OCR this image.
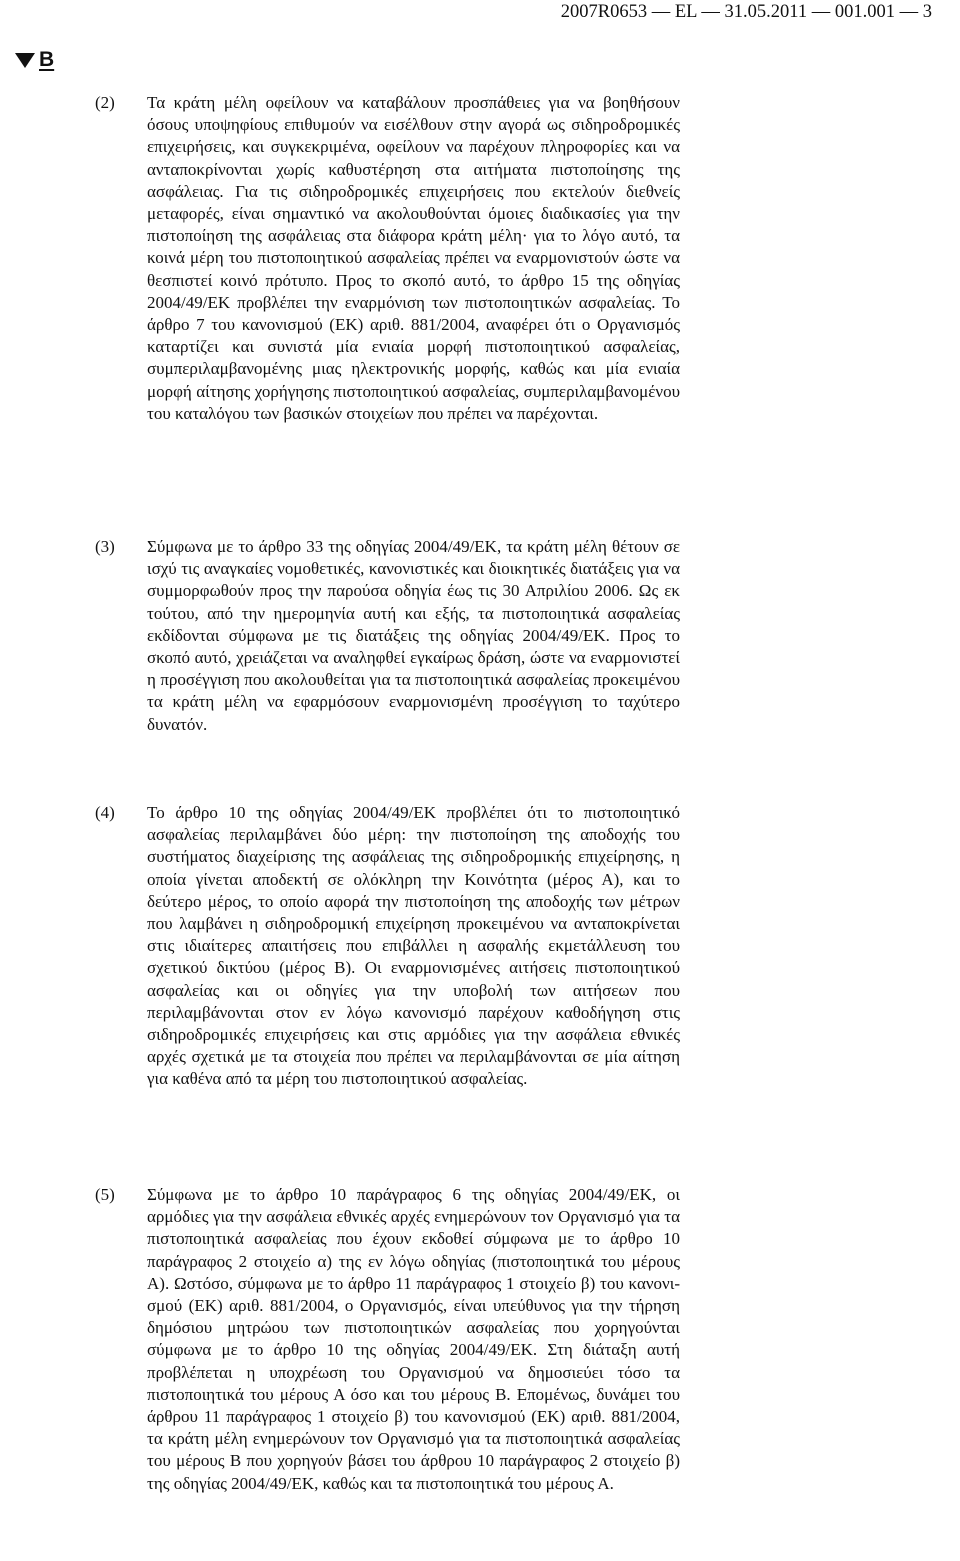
2007R0653 — EL — 31.05.2011 — 001.001 — 3
B
(2) Τα κράτη μέλη οφείλουν να καταβάλουν προσπάθειες για να βοηθήσουν όσους υποψηφίους επιθυμούν να εισέλθουν στην αγορά ως σιδηροδρομικές επιχειρήσεις, και συγκεκριμένα, οφείλουν να παρέχουν πληροφορίες και να ανταποκρίνονται χωρίς καθυστέρηση στα αιτήματα πιστοποίησης της ασφάλειας. Για τις σιδηροδρομικές επιχειρήσεις που εκτελούν διεθνείς μεταφορές, είναι σημαντικό να ακολουθούνται όμοιες διαδικασίες για την πιστοποίηση της ασφάλειας στα διάφορα κράτη μέλη· για το λόγο αυτό, τα κοινά μέρη του πιστοποιητικού ασφαλείας πρέπει να εναρμονιστούν ώστε να θεσπιστεί κοινό πρότυπο. Προς το σκοπό αυτό, το άρθρο 15 της οδηγίας 2004/49/ΕΚ προβλέπει την εναρμόνιση των πιστοποιητικών ασφαλείας. Το άρθρο 7 του κανονισμού (ΕΚ) αριθ. 881/2004, αναφέρει ότι ο Οργανισμός καταρτίζει και συνιστά μία ενιαία μορφή πιστοποιητικού ασφαλείας, συμπεριλαμβανομένης μιας ηλεκτρονικής μορφής, καθώς και μία ενιαία μορφή αίτησης χορήγησης πιστοποιητικού ασφαλείας, συμπεριλαμβανομένου του καταλόγου των βασικών στοιχείων που πρέπει να παρέχονται.

(3) Σύμφωνα με το άρθρο 33 της οδηγίας 2004/49/ΕΚ, τα κράτη μέλη θέτουν σε ισχύ τις αναγκαίες νομοθετικές, κανονιστικές και διοικητικές διατάξεις για να συμμορφωθούν προς την παρούσα οδηγία έως τις 30 Απριλίου 2006. Ως εκ τούτου, από την ημερομηνία αυτή και εξής, τα πιστοποιητικά ασφαλείας εκδίδονται σύμφωνα με τις διατάξεις της οδηγίας 2004/49/ΕΚ. Προς το σκοπό αυτό, χρειάζεται να αναληφθεί εγκαίρως δράση, ώστε να εναρμονιστεί η προσέγγιση που ακολουθείται για τα πιστοποιητικά ασφαλείας προκειμένου τα κράτη μέλη να εφαρμόσουν εναρμονισμένη προσέγγιση το ταχύτερο δυνατόν.

(4) Το άρθρο 10 της οδηγίας 2004/49/ΕΚ προβλέπει ότι το πιστοποιητικό ασφαλείας περιλαμβάνει δύο μέρη: την πιστοποίηση της αποδοχής του συστήματος διαχείρισης της ασφάλειας της σιδηροδρομικής επιχείρησης, η οποία γίνεται αποδεκτή σε ολόκληρη την Κοινότητα (μέρος Α), και το δεύτερο μέρος, το οποίο αφορά την πιστοποίηση της αποδοχής των μέτρων που λαμβάνει η σιδηροδρομική επιχείρηση προκειμένου να ανταποκρίνεται στις ιδιαίτερες απαιτήσεις που επιβάλλει η ασφαλής εκμετάλλευση του σχετικού δικτύου (μέρος Β). Οι εναρμονισμένες αιτήσεις πιστοποιητικού ασφαλείας και οι οδηγίες για την υποβολή των αιτήσεων που περιλαμβάνονται στον εν λόγω κανονισμό παρέχουν καθοδήγηση στις σιδηροδρομικές επιχειρήσεις και στις αρμόδιες για την ασφάλεια εθνικές αρχές σχετικά με τα στοιχεία που πρέπει να περιλαμβάνονται σε μία αίτηση για καθένα από τα μέρη του πιστοποιητικού ασφαλείας.

(5) Σύμφωνα με το άρθρο 10 παράγραφος 6 της οδηγίας 2004/49/ΕΚ, οι αρμόδιες για την ασφάλεια εθνικές αρχές ενημερώνουν τον Οργανισμό για τα πιστοποιητικά ασφαλείας που έχουν εκδοθεί σύμφωνα με το άρθρο 10 παράγραφος 2 στοιχείο α) της εν λόγω οδηγίας (πιστοποιητικά του μέρους Α). Ωστόσο, σύμφωνα με το άρθρο 11 παράγραφος 1 στοιχείο β) του κανονισμού (ΕΚ) αριθ. 881/2004, ο Οργανισμός, είναι υπεύθυνος για την τήρηση δημόσιου μητρώου των πιστοποιητικών ασφαλείας που χορηγούνται σύμφωνα με το άρθρο 10 της οδηγίας 2004/49/ΕΚ. Στη διάταξη αυτή προβλέπεται η υποχρέωση του Οργανισμού να δημοσιεύει τόσο τα πιστοποιητικά του μέρους Α όσο και του μέρους Β. Επομένως, δυνάμει του άρθρου 11 παράγραφος 1 στοιχείο β) του κανονισμού (ΕΚ) αριθ. 881/2004, τα κράτη μέλη ενημερώνουν τον Οργανισμό για τα πιστοποιητικά ασφαλείας του μέρους Β που χορηγούν βάσει του άρθρου 10 παράγραφος 2 στοιχείο β) της οδηγίας 2004/49/ΕΚ, καθώς και τα πιστοποιητικά του μέρους Α.
